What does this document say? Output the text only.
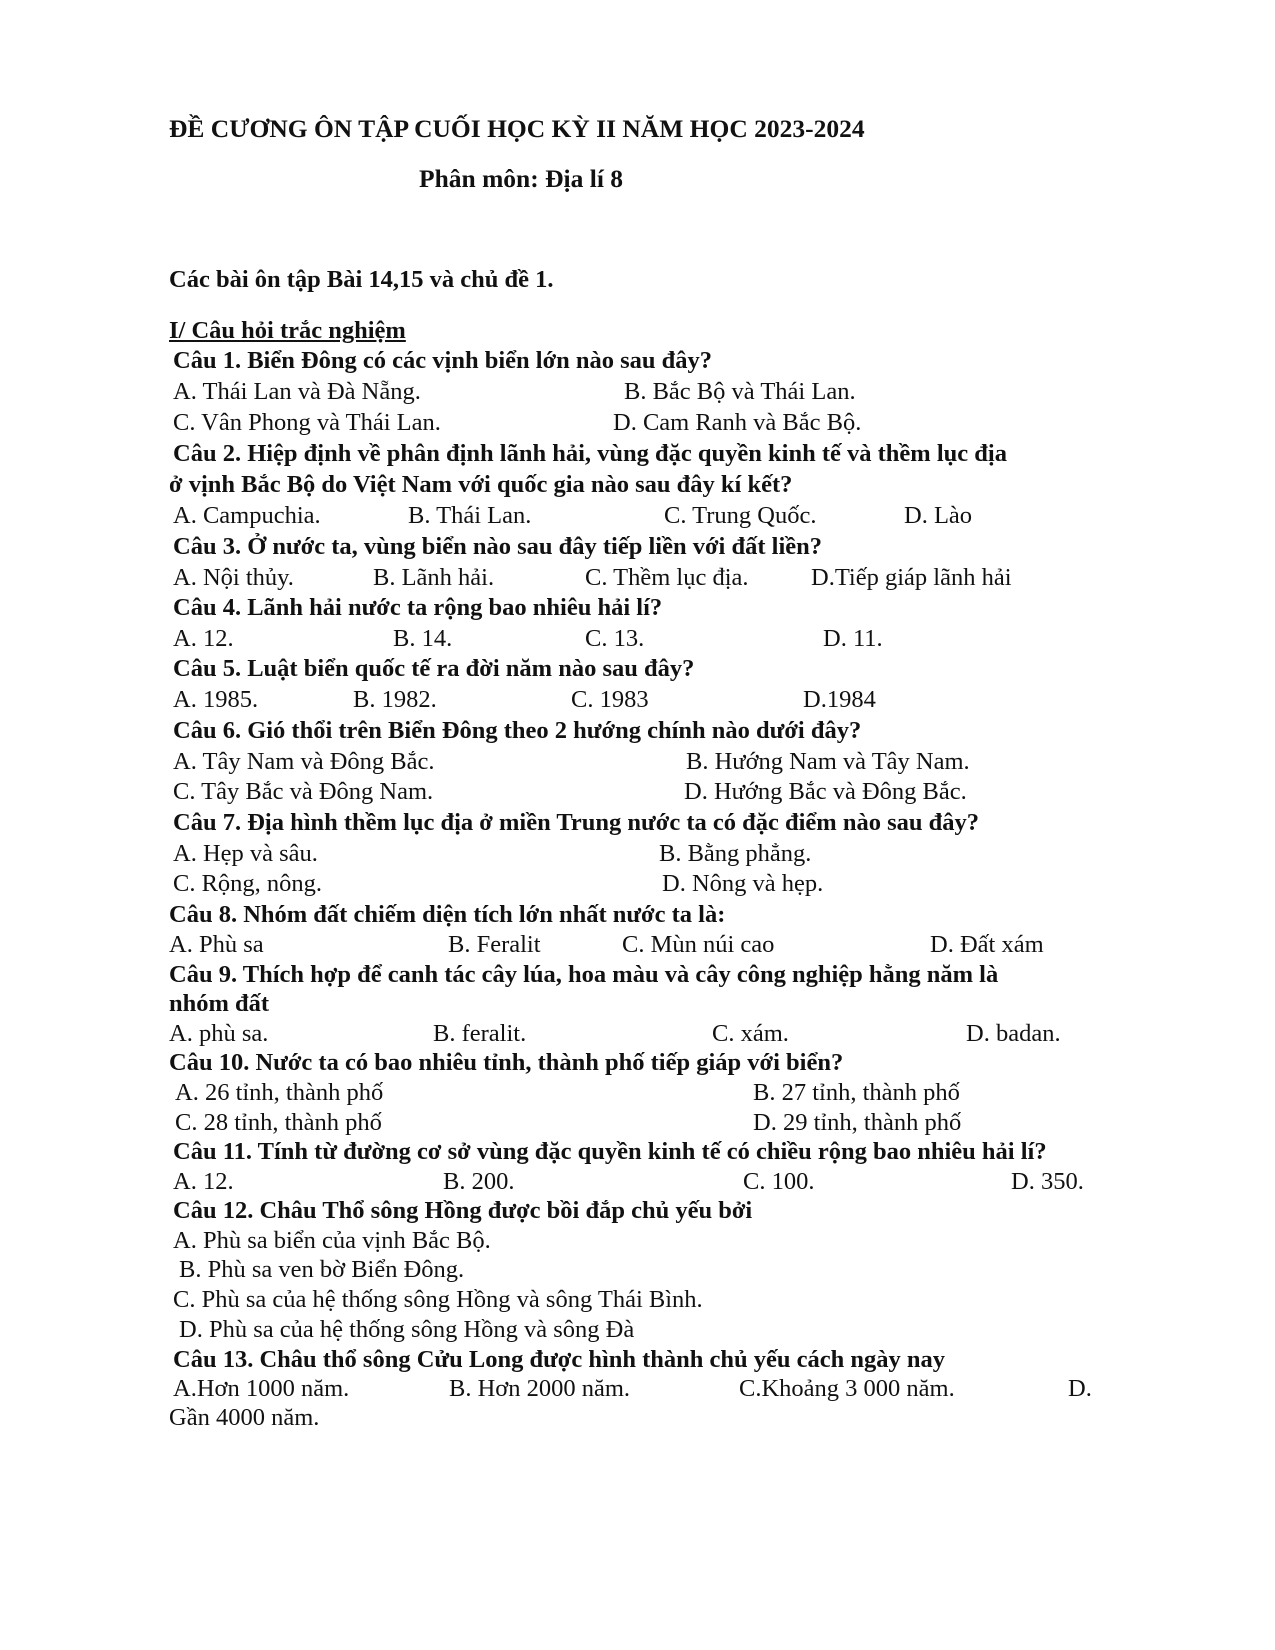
ĐỀ CƯƠNG ÔN TẬP CUỐI HỌC KỲ II NĂM HỌC 2023-2024
Phân môn: Địa lí 8
Các bài ôn tập Bài 14,15 và chủ đề 1.
I/ Câu hỏi trắc nghiệm
Câu 1. Biển Đông có các vịnh biển lớn nào sau đây?
A. Thái Lan và Đà Nẵng.	B. Bắc Bộ và Thái Lan.
C. Vân Phong và Thái Lan.	D. Cam Ranh và Bắc Bộ.
Câu 2. Hiệp định về phân định lãnh hải, vùng đặc quyền kinh tế và thềm lục địa
ở vịnh Bắc Bộ do Việt Nam với quốc gia nào sau đây kí kết?
A. Campuchia.	B. Thái Lan.	C. Trung Quốc.	D. Lào
Câu 3. Ở nước ta, vùng biển nào sau đây tiếp liền với đất liền?
A. Nội thủy.	B. Lãnh hải.	C. Thềm lục địa.	D.Tiếp giáp lãnh hải
Câu 4. Lãnh hải nước ta rộng bao nhiêu hải lí?
A. 12.	B. 14.	C. 13.	D. 11.
Câu 5. Luật biển quốc tế ra đời năm nào sau đây?
A. 1985.	B. 1982.	C. 1983	D.1984
Câu 6. Gió thổi trên Biển Đông theo 2 hướng chính nào dưới đây?
A. Tây Nam và Đông Bắc.	B. Hướng Nam và Tây Nam.
C. Tây Bắc và Đông Nam.	D. Hướng Bắc và Đông Bắc.
Câu 7. Địa hình thềm lục địa ở miền Trung nước ta có đặc điểm nào sau đây?
A. Hẹp và sâu.	B. Bằng phẳng.
C. Rộng, nông.	D. Nông và hẹp.
Câu 8. Nhóm đất chiếm diện tích lớn nhất nước ta là:
A. Phù sa	B. Feralit	C. Mùn núi cao	D. Đất xám
Câu 9. Thích hợp để canh tác cây lúa, hoa màu và cây công nghiệp hằng năm là
nhóm đất
A. phù sa.	B. feralit.	C. xám.	D. badan.
Câu 10. Nước ta có bao nhiêu tỉnh, thành phố tiếp giáp với biển?
A. 26 tỉnh, thành phố	B. 27 tỉnh, thành phố
C. 28 tỉnh, thành phố	D. 29 tỉnh, thành phố
Câu 11. Tính từ đường cơ sở vùng đặc quyền kinh tế có chiều rộng bao nhiêu hải lí?
A. 12.	B. 200.	C. 100.	D. 350.
Câu 12. Châu Thổ sông Hồng được bồi đắp chủ yếu bởi
A. Phù sa biển của vịnh Bắc Bộ.
B. Phù sa ven bờ Biển Đông.
C. Phù sa của hệ thống sông Hồng và sông Thái Bình.
D. Phù sa của hệ thống sông Hồng và sông Đà
Câu 13. Châu thổ sông Cửu Long được hình thành chủ yếu cách ngày nay
A.Hơn 1000 năm.	B. Hơn 2000 năm.	C.Khoảng 3 000 năm.	D.
Gần 4000 năm.
